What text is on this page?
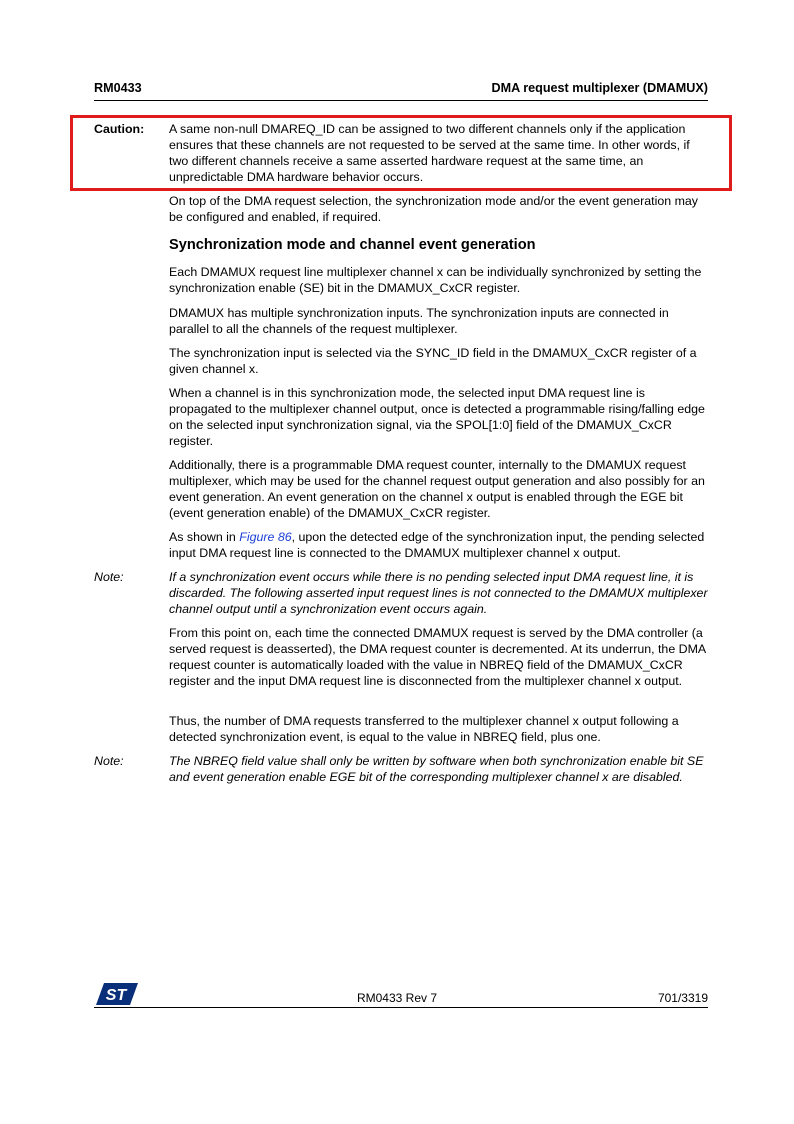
RM0433	DMA request multiplexer (DMAMUX)
Caution: A same non-null DMAREQ_ID can be assigned to two different channels only if the application ensures that these channels are not requested to be served at the same time. In other words, if two different channels receive a same asserted hardware request at the same time, an unpredictable DMA hardware behavior occurs.
On top of the DMA request selection, the synchronization mode and/or the event generation may be configured and enabled, if required.
Synchronization mode and channel event generation
Each DMAMUX request line multiplexer channel x can be individually synchronized by setting the synchronization enable (SE) bit in the DMAMUX_CxCR register.
DMAMUX has multiple synchronization inputs. The synchronization inputs are connected in parallel to all the channels of the request multiplexer.
The synchronization input is selected via the SYNC_ID field in the DMAMUX_CxCR register of a given channel x.
When a channel is in this synchronization mode, the selected input DMA request line is propagated to the multiplexer channel output, once is detected a programmable rising/falling edge on the selected input synchronization signal, via the SPOL[1:0] field of the DMAMUX_CxCR register.
Additionally, there is a programmable DMA request counter, internally to the DMAMUX request multiplexer, which may be used for the channel request output generation and also possibly for an event generation. An event generation on the channel x output is enabled through the EGE bit (event generation enable) of the DMAMUX_CxCR register.
As shown in Figure 86, upon the detected edge of the synchronization input, the pending selected input DMA request line is connected to the DMAMUX multiplexer channel x output.
Note:	If a synchronization event occurs while there is no pending selected input DMA request line, it is discarded. The following asserted input request lines is not connected to the DMAMUX multiplexer channel output until a synchronization event occurs again.
From this point on, each time the connected DMAMUX request is served by the DMA controller (a served request is deasserted), the DMA request counter is decremented. At its underrun, the DMA request counter is automatically loaded with the value in NBREQ field of the DMAMUX_CxCR register and the input DMA request line is disconnected from the multiplexer channel x output.
Thus, the number of DMA requests transferred to the multiplexer channel x output following a detected synchronization event, is equal to the value in NBREQ field, plus one.
Note:	The NBREQ field value shall only be written by software when both synchronization enable bit SE and event generation enable EGE bit of the corresponding multiplexer channel x are disabled.
ST	RM0433 Rev 7	701/3319
